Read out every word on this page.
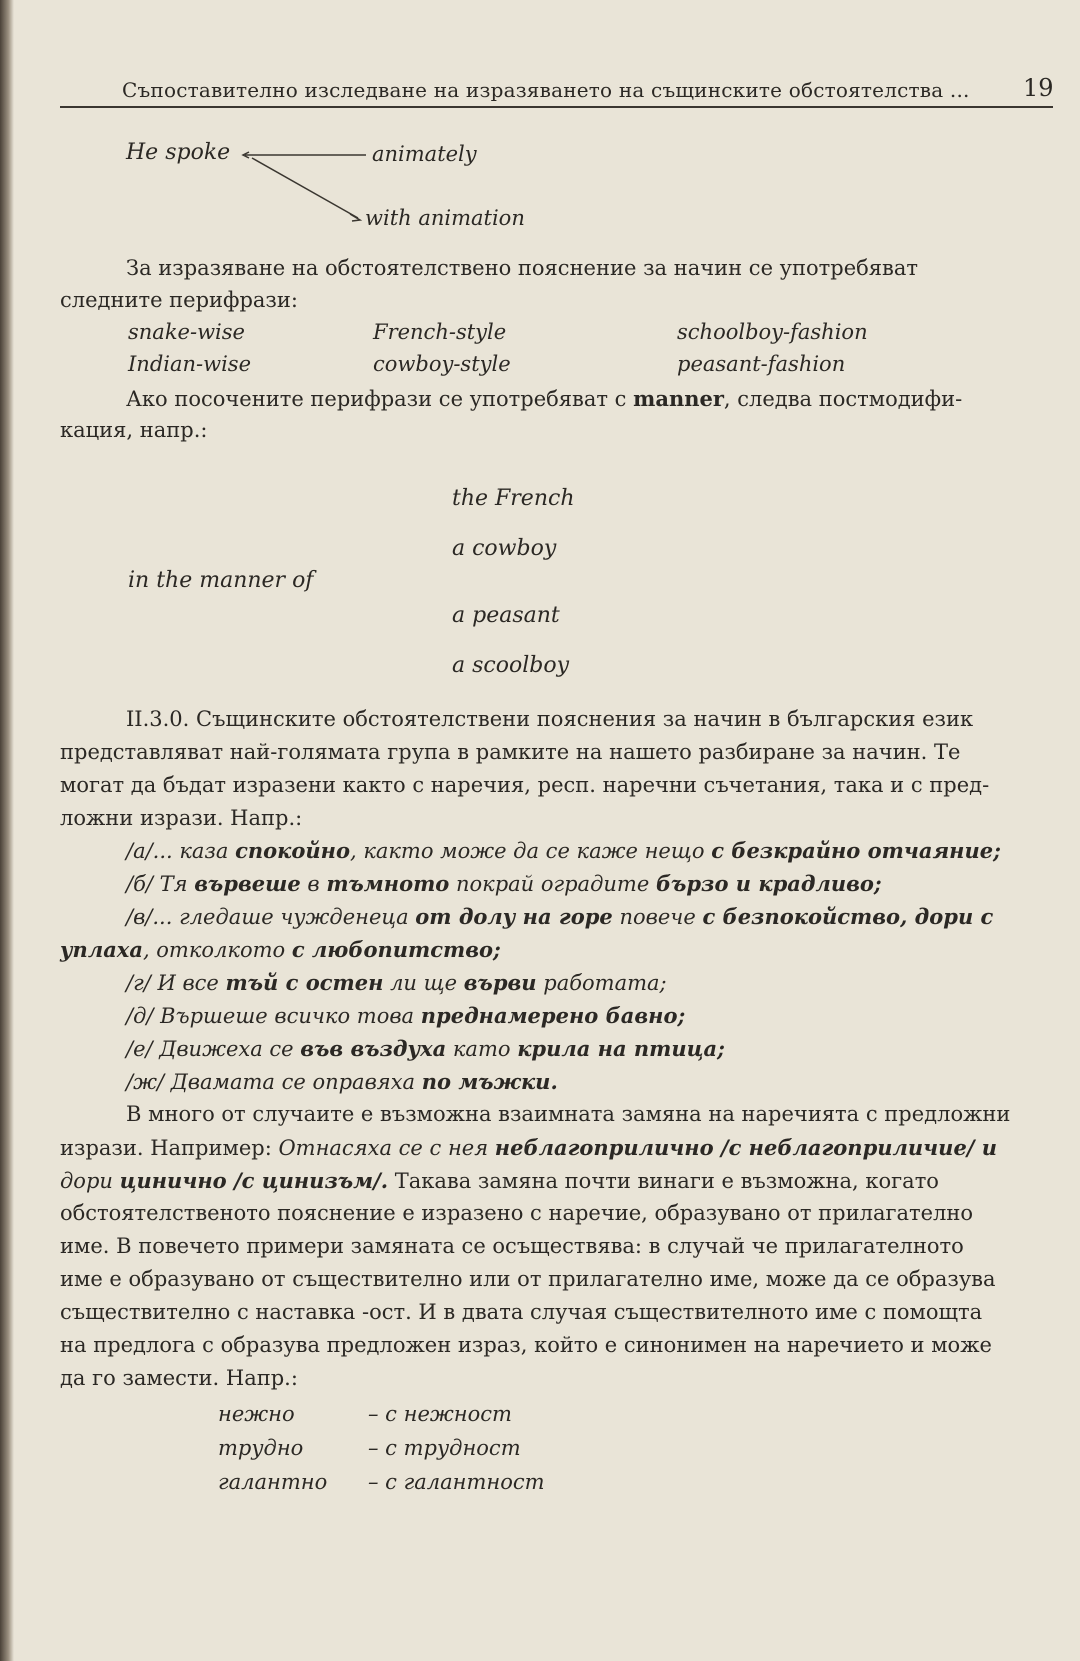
Съпоставително изследване на изразяването на същинските обстоятелства ... 19
He spoke	animately
with animation
За изразяване на обстоятелствено пояснение за начин се употребяват
следните перифрази:
snake-wise	French-style	schoolboy-fashion
Indian-wise	cowboy-style	peasant-fashion
Ако посочените перифрази се употребяват с manner, следва постмодифи-
кация, напр.:
in the manner of
the French
a cowboy
a peasant
a scoolboy
II.3.0. Същинските обстоятелствени пояснения за начин в българския език
представляват най-голямата група в рамките на нашето разбиране за начин. Те
могат да бъдат изразени както с наречия, респ. наречни съчетания, така и с пред-
ложни изрази. Напр.:
/а/... каза спокойно, както може да се каже нещо с безкрайно отчаяние;
/б/ Тя вървеше в тъмното покрай оградите бързо и крадливо;
/в/... гледаше чужденеца от долу на горе повече с безпокойство, дори с
уплаха, отколкото с любопитство;
/г/ И все тъй с остен ли ще върви работата;
/д/ Вършеше всичко това преднамерено бавно;
/е/ Движеха се във въздуха като крила на птица;
/ж/ Двамата се оправяха по мъжки.
В много от случаите е възможна взаимната замяна на наречията с предложни
изрази. Например: Отнасяха се с нея неблагоприлично /с неблагоприличие/ и
дори цинично /с цинизъм/. Такава замяна почти винаги е възможна, когато
обстоятелственото пояснение е изразено с наречие, образувано от прилагателно
име. В повечето примери замяната се осъществява: в случай че прилагателното
име е образувано от съществително или от прилагателно име, може да се образува
съществително с наставка -ост. И в двата случая съществителното име с помощта
на предлога с образува предложен израз, който е синонимен на наречието и може
да го замести. Напр.:
нежно	– с нежност
трудно	– с трудност
галантно – с галантност
